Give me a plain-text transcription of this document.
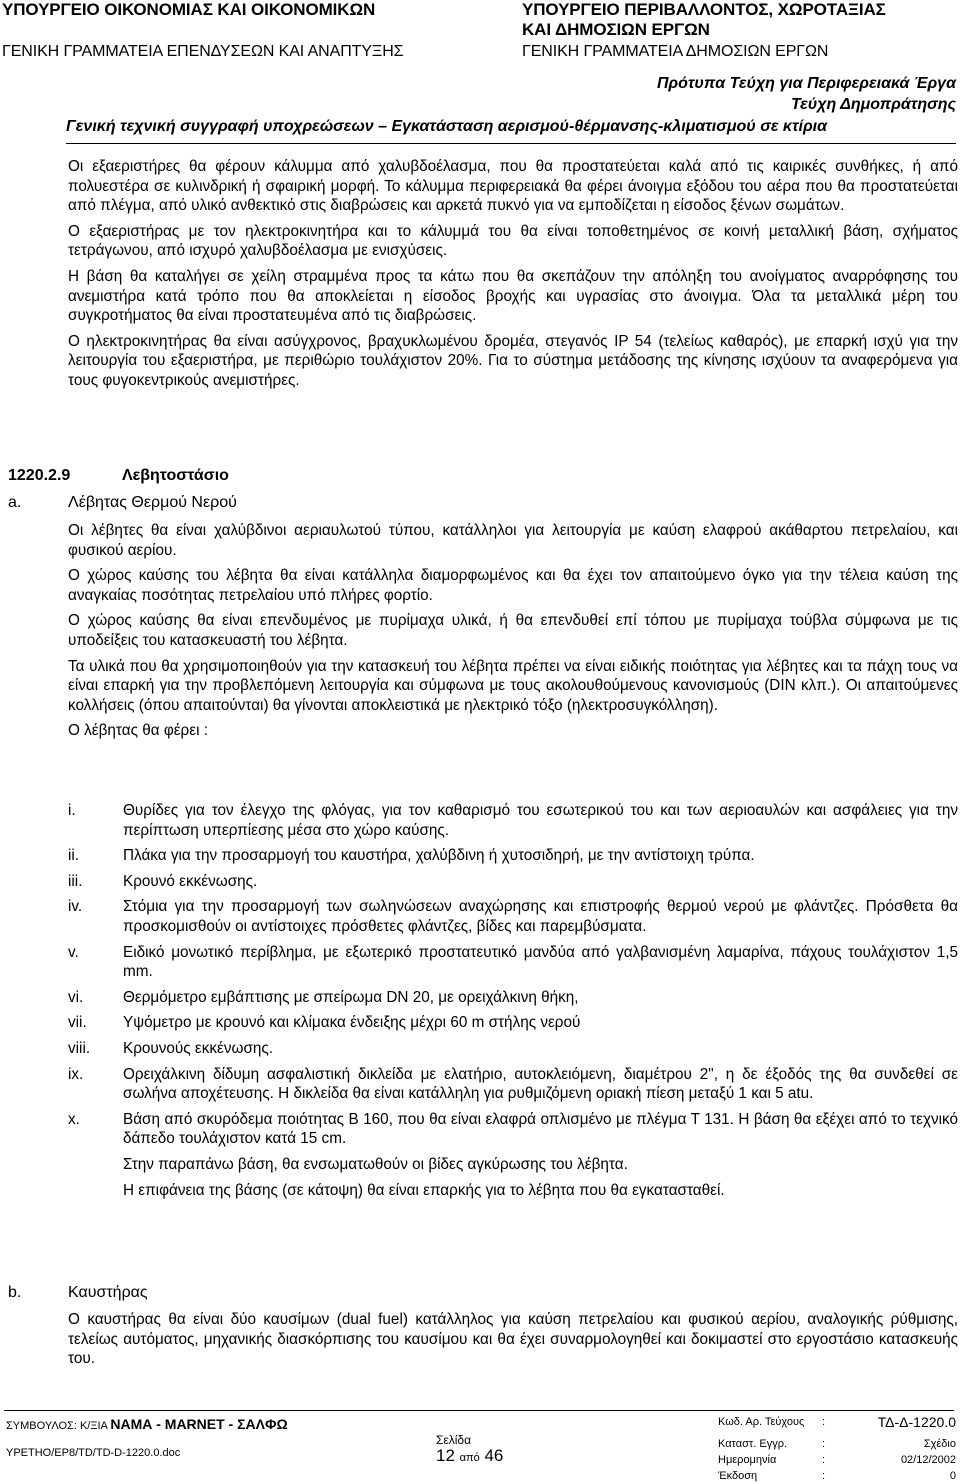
ΥΠΟΥΡΓΕΙΟ ΟΙΚΟΝΟΜΙΑΣ ΚΑΙ ΟΙΚΟΝΟΜΙΚΩΝ
ΓΕΝΙΚΗ ΓΡΑΜΜΑΤΕΙΑ ΕΠΕΝΔΥΣΕΩΝ ΚΑΙ ΑΝΑΠΤΥΞΗΣ
ΥΠΟΥΡΓΕΙΟ ΠΕΡΙΒΑΛΛΟΝΤΟΣ, ΧΩΡΟΤΑΞΙΑΣ
ΚΑΙ ΔΗΜΟΣΙΩΝ ΕΡΓΩΝ
ΓΕΝΙΚΗ ΓΡΑΜΜΑΤΕΙΑ ΔΗΜΟΣΙΩΝ ΕΡΓΩΝ
Πρότυπα Τεύχη για Περιφερειακά Έργα
Τεύχη Δημοπράτησης
Γενική τεχνική συγγραφή υποχρεώσεων – Εγκατάσταση αερισμού-θέρμανσης-κλιματισμού σε κτίρια

Οι εξαεριστήρες θα φέρουν κάλυμμα από χαλυβδοέλασμα, που θα προστατεύεται καλά από τις καιρικές συνθήκες, ή από πολυεστέρα σε κυλινδρική ή σφαιρική μορφή. Το κάλυμμα περιφερειακά θα φέρει άνοιγμα εξόδου του αέρα που θα προστατεύεται από πλέγμα, από υλικό ανθεκτικό στις διαβρώσεις και αρκετά πυκνό για να εμποδίζεται η είσοδος ξένων σωμάτων.

Ο εξαεριστήρας με τον ηλεκτροκινητήρα και το κάλυμμά του θα είναι τοποθετημένος σε κοινή μεταλλική βάση, σχήματος τετράγωνου, από ισχυρό χαλυβδοέλασμα με ενισχύσεις.

Η βάση θα καταλήγει σε χείλη στραμμένα προς τα κάτω που θα σκεπάζουν την απόληξη του ανοίγματος αναρρόφησης του ανεμιστήρα κατά τρόπο που θα αποκλείεται η είσοδος βροχής και υγρασίας στο άνοιγμα. Όλα τα μεταλλικά μέρη του συγκροτήματος θα είναι προστατευμένα από τις διαβρώσεις.

Ο ηλεκτροκινητήρας θα είναι ασύγχρονος, βραχυκλωμένου δρομέα, στεγανός IP 54 (τελείως καθαρός), με επαρκή ισχύ για την λειτουργία του εξαεριστήρα, με περιθώριο τουλάχιστον 20%. Για το σύστημα μετάδοσης της κίνησης ισχύουν τα αναφερόμενα για τους φυγοκεντρικούς ανεμιστήρες.

1220.2.9	Λεβητοστάσιο
a.	Λέβητας Θερμού Νερού

Οι λέβητες θα είναι χαλύβδινοι αεριαυλωτού τύπου, κατάλληλοι για λειτουργία με καύση ελαφρού ακάθαρτου πετρελαίου, και φυσικού αερίου.

Ο χώρος καύσης του λέβητα θα είναι κατάλληλα διαμορφωμένος και θα έχει τον απαιτούμενο όγκο για την τέλεια καύση της αναγκαίας ποσότητας πετρελαίου υπό πλήρες φορτίο.

Ο χώρος καύσης θα είναι επενδυμένος με πυρίμαχα υλικά, ή θα επενδυθεί επί τόπου με πυρίμαχα τούβλα σύμφωνα με τις υποδείξεις του κατασκευαστή του λέβητα.

Τα υλικά που θα χρησιμοποιηθούν για την κατασκευή του λέβητα πρέπει να είναι ειδικής ποιότητας για λέβητες και τα πάχη τους να είναι επαρκή για την προβλεπόμενη λειτουργία και σύμφωνα με τους ακολουθούμενους κανονισμούς (DIN κλπ.). Οι απαιτούμενες κολλήσεις (όπου απαιτούνται) θα γίνονται αποκλειστικά με ηλεκτρικό τόξο (ηλεκτροσυγκόλληση).

Ο λέβητας θα φέρει :

i.	Θυρίδες για τον έλεγχο της φλόγας, για τον καθαρισμό του εσωτερικού του και των αεριοαυλών και ασφάλειες για την περίπτωση υπερπίεσης μέσα στο χώρο καύσης.
ii.	Πλάκα για την προσαρμογή του καυστήρα, χαλύβδινη ή χυτοσιδηρή, με την αντίστοιχη τρύπα.
iii.	Κρουνό εκκένωσης.
iv.	Στόμια για την προσαρμογή των σωληνώσεων αναχώρησης και επιστροφής θερμού νερού με φλάντζες. Πρόσθετα θα προσκομισθούν οι αντίστοιχες πρόσθετες φλάντζες, βίδες και παρεμβύσματα.
v.	Ειδικό μονωτικό περίβλημα, με εξωτερικό προστατευτικό μανδύα από γαλβανισμένη λαμαρίνα, πάχους τουλάχιστον 1,5 mm.
vi.	Θερμόμετρο εμβάπτισης με σπείρωμα DN 20, με ορειχάλκινη θήκη,
vii.	Υψόμετρο με κρουνό και κλίμακα ένδειξης μέχρι 60 m στήλης νερού
viii.	Κρουνούς εκκένωσης.
ix.	Ορειχάλκινη δίδυμη ασφαλιστική δικλείδα με ελατήριο, αυτοκλειόμενη, διαμέτρου 2", η δε έξοδός της θα συνδεθεί σε σωλήνα αποχέτευσης. Η δικλείδα θα είναι κατάλληλη για ρυθμιζόμενη οριακή πίεση μεταξύ 1 και 5 atu.
x.	Βάση από σκυρόδεμα ποιότητας Β 160, που θα είναι ελαφρά οπλισμένο με πλέγμα Τ 131. Η βάση θα εξέχει από το τεχνικό δάπεδο τουλάχιστον κατά 15 cm.

Στην παραπάνω βάση, θα ενσωματωθούν οι βίδες αγκύρωσης του λέβητα.

Η επιφάνεια της βάσης (σε κάτοψη) θα είναι επαρκής για το λέβητα που θα εγκατασταθεί.

b.	Καυστήρας

Ο καυστήρας θα είναι δύο καυσίμων (dual fuel) κατάλληλος για καύση πετρελαίου και φυσικού αερίου, αναλογικής ρύθμισης, τελείως αυτόματος, μηχανικής διασκόρπισης του καυσίμου και θα έχει συναρμολογηθεί και δοκιμαστεί στο εργοστάσιο κατασκευής του.

ΣΥΜΒΟΥΛΟΣ: Κ/ΞΙΑ ΝΑΜΑ - MARNET - ΣΑΛΦΩ
ΥΡΕΤΗΟ/ΕΡ8/TD/TD-D-1220.0.doc
Σελίδα
12 από 46
Κωδ. Αρ. Τεύχους	:	ΤΔ-Δ-1220.0
Καταστ. Εγγρ.	:	Σχέδιο
Ημερομηνία	:	02/12/2002
Έκδοση	:	0
